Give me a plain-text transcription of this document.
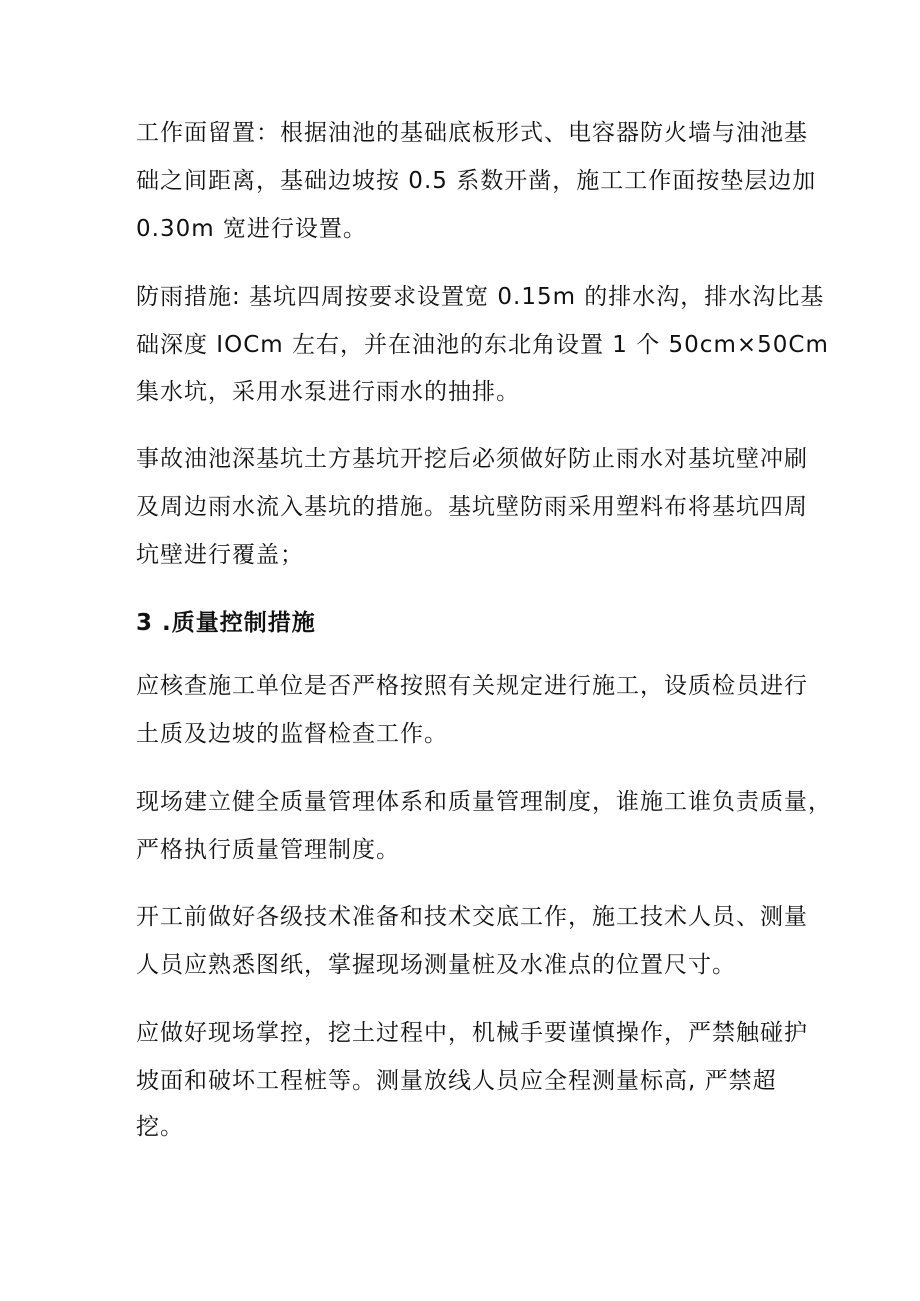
工作面留置：根据油池的基础底板形式、电容器防火墙与油池基
础之间距离，基础边坡按 0.5 系数开凿，施工工作面按垫层边加
0.30m 宽进行设置。
防雨措施: 基坑四周按要求设置宽 0.15m 的排水沟，排水沟比基
础深度 IOCm 左右，并在油池的东北角设置 1 个 50cm×50Cm
集水坑，采用水泵进行雨水的抽排。
事故油池深基坑土方基坑开挖后必须做好防止雨水对基坑壁冲刷
及周边雨水流入基坑的措施。基坑壁防雨采用塑料布将基坑四周
坑壁进行覆盖；
3 .质量控制措施
应核查施工单位是否严格按照有关规定进行施工，设质检员进行
土质及边坡的监督检查工作。
现场建立健全质量管理体系和质量管理制度，谁施工谁负责质量，
严格执行质量管理制度。
开工前做好各级技术准备和技术交底工作，施工技术人员、测量
人员应熟悉图纸，掌握现场测量桩及水准点的位置尺寸。
应做好现场掌控，挖土过程中，机械手要谨慎操作，严禁触碰护
坡面和破坏工程桩等。测量放线人员应全程测量标高, 严禁超
挖。
